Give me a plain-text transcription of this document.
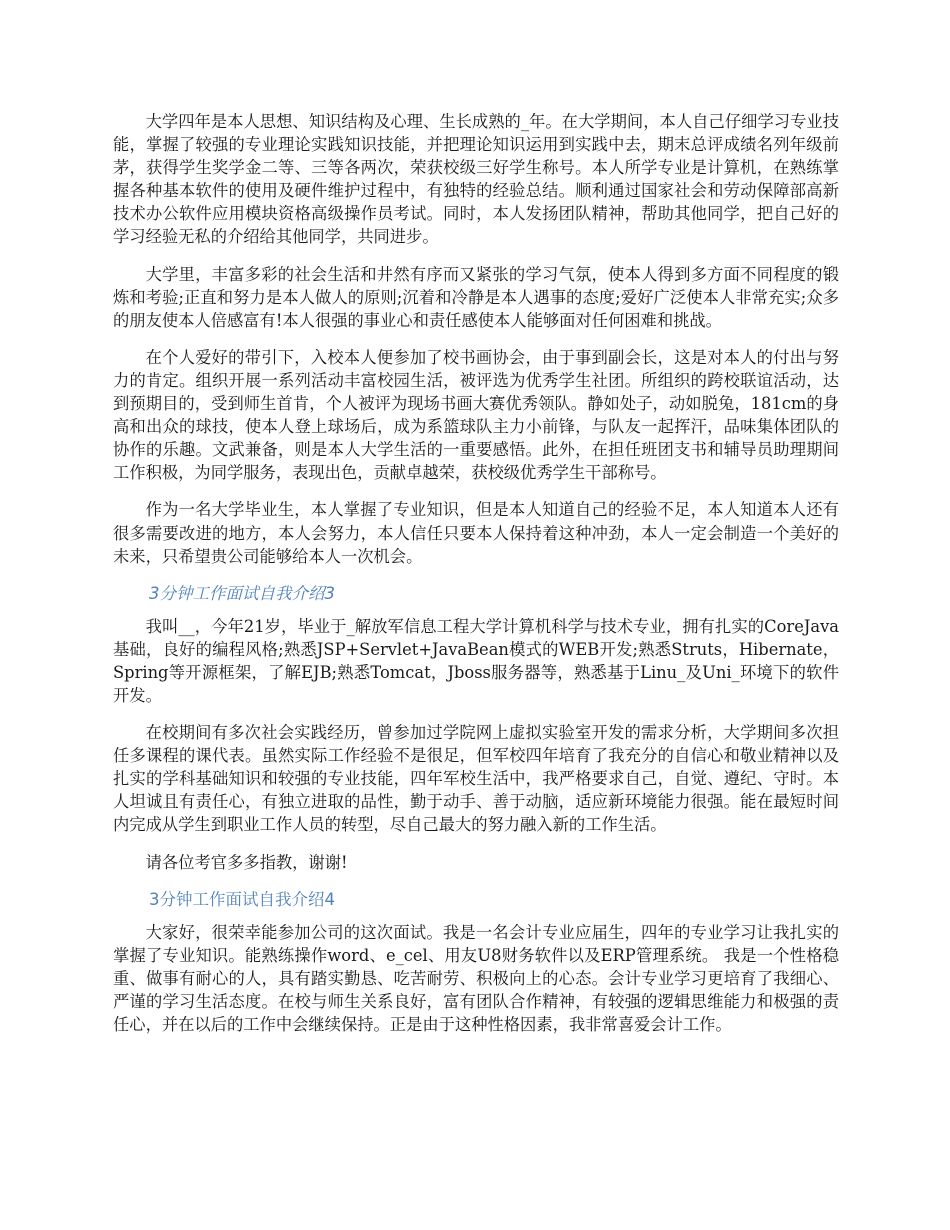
大学四年是本人思想、知识结构及心理、生长成熟的_年。在大学期间，本人自己仔细学习专业技能，掌握了较强的专业理论实践知识技能，并把理论知识运用到实践中去，期末总评成绩名列年级前茅，获得学生奖学金二等、三等各两次，荣获校级三好学生称号。本人所学专业是计算机，在熟练掌握各种基本软件的使用及硬件维护过程中，有独特的经验总结。顺利通过国家社会和劳动保障部高新技术办公软件应用模块资格高级操作员考试。同时，本人发扬团队精神，帮助其他同学，把自己好的学习经验无私的介绍给其他同学，共同进步。

大学里，丰富多彩的社会生活和井然有序而又紧张的学习气氛，使本人得到多方面不同程度的锻炼和考验;正直和努力是本人做人的原则;沉着和冷静是本人遇事的态度;爱好广泛使本人非常充实;众多的朋友使本人倍感富有!本人很强的事业心和责任感使本人能够面对任何困难和挑战。

在个人爱好的带引下，入校本人便参加了校书画协会，由于事到副会长，这是对本人的付出与努力的肯定。组织开展一系列活动丰富校园生活，被评选为优秀学生社团。所组织的跨校联谊活动，达到预期目的，受到师生首肯，个人被评为现场书画大赛优秀领队。静如处子，动如脱兔，181cm的身高和出众的球技，使本人登上球场后，成为系篮球队主力小前锋，与队友一起挥汗，品味集体团队的协作的乐趣。文武兼备，则是本人大学生活的一重要感悟。此外，在担任班团支书和辅导员助理期间工作积极，为同学服务，表现出色，贡献卓越荣，获校级优秀学生干部称号。

作为一名大学毕业生，本人掌握了专业知识，但是本人知道自己的经验不足，本人知道本人还有很多需要改进的地方，本人会努力，本人信任只要本人保持着这种冲劲，本人一定会制造一个美好的未来，只希望贵公司能够给本人一次机会。

3分钟工作面试自我介绍3

我叫__，今年21岁，毕业于_解放军信息工程大学计算机科学与技术专业，拥有扎实的CoreJava基础，良好的编程风格;熟悉JSP+Servlet+JavaBean模式的WEB开发;熟悉Struts，Hibernate，Spring等开源框架，了解EJB;熟悉Tomcat，Jboss服务器等，熟悉基于Linu_及Uni_环境下的软件开发。

在校期间有多次社会实践经历，曾参加过学院网上虚拟实验室开发的需求分析，大学期间多次担任多课程的课代表。虽然实际工作经验不是很足，但军校四年培育了我充分的自信心和敬业精神以及扎实的学科基础知识和较强的专业技能，四年军校生活中，我严格要求自己，自觉、遵纪、守时。本人坦诚且有责任心，有独立进取的品性，勤于动手、善于动脑，适应新环境能力很强。能在最短时间内完成从学生到职业工作人员的转型，尽自己最大的努力融入新的工作生活。

请各位考官多多指教，谢谢!

3分钟工作面试自我介绍4

大家好，很荣幸能参加公司的这次面试。我是一名会计专业应届生，四年的专业学习让我扎实的掌握了专业知识。能熟练操作word、e_cel、用友U8财务软件以及ERP管理系统。 我是一个性格稳重、做事有耐心的人，具有踏实勤恳、吃苦耐劳、积极向上的心态。会计专业学习更培育了我细心、严谨的学习生活态度。在校与师生关系良好，富有团队合作精神，有较强的逻辑思维能力和极强的责任心，并在以后的工作中会继续保持。正是由于这种性格因素，我非常喜爱会计工作。
